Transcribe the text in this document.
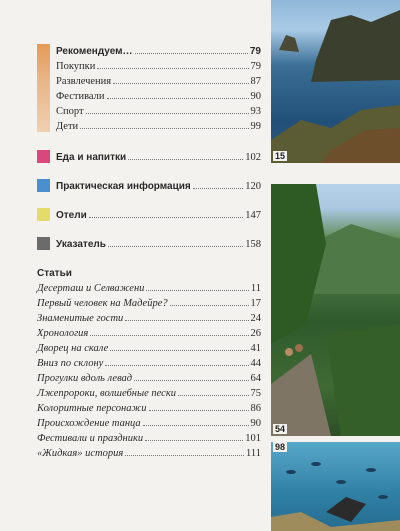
Рекомендуем…	79
Покупки	79
Развлечения	87
Фестивали	90
Спорт	93
Дети	99
Еда и напитки	102
Практическая информация	120
Отели	147
Указатель	158
Статьи
Десерташ и Селважени	11
Первый человек на Мадейре?	17
Знаменитые гости	24
Хронология	26
Дворец на скале	41
Вниз по склону	44
Прогулки вдоль левад	64
Лжепророки, волшебные пески	75
Колоритные персонажи	86
Происхождение танца	90
Фестивали и праздники	101
«Жидкая» история	111
15
54
98
